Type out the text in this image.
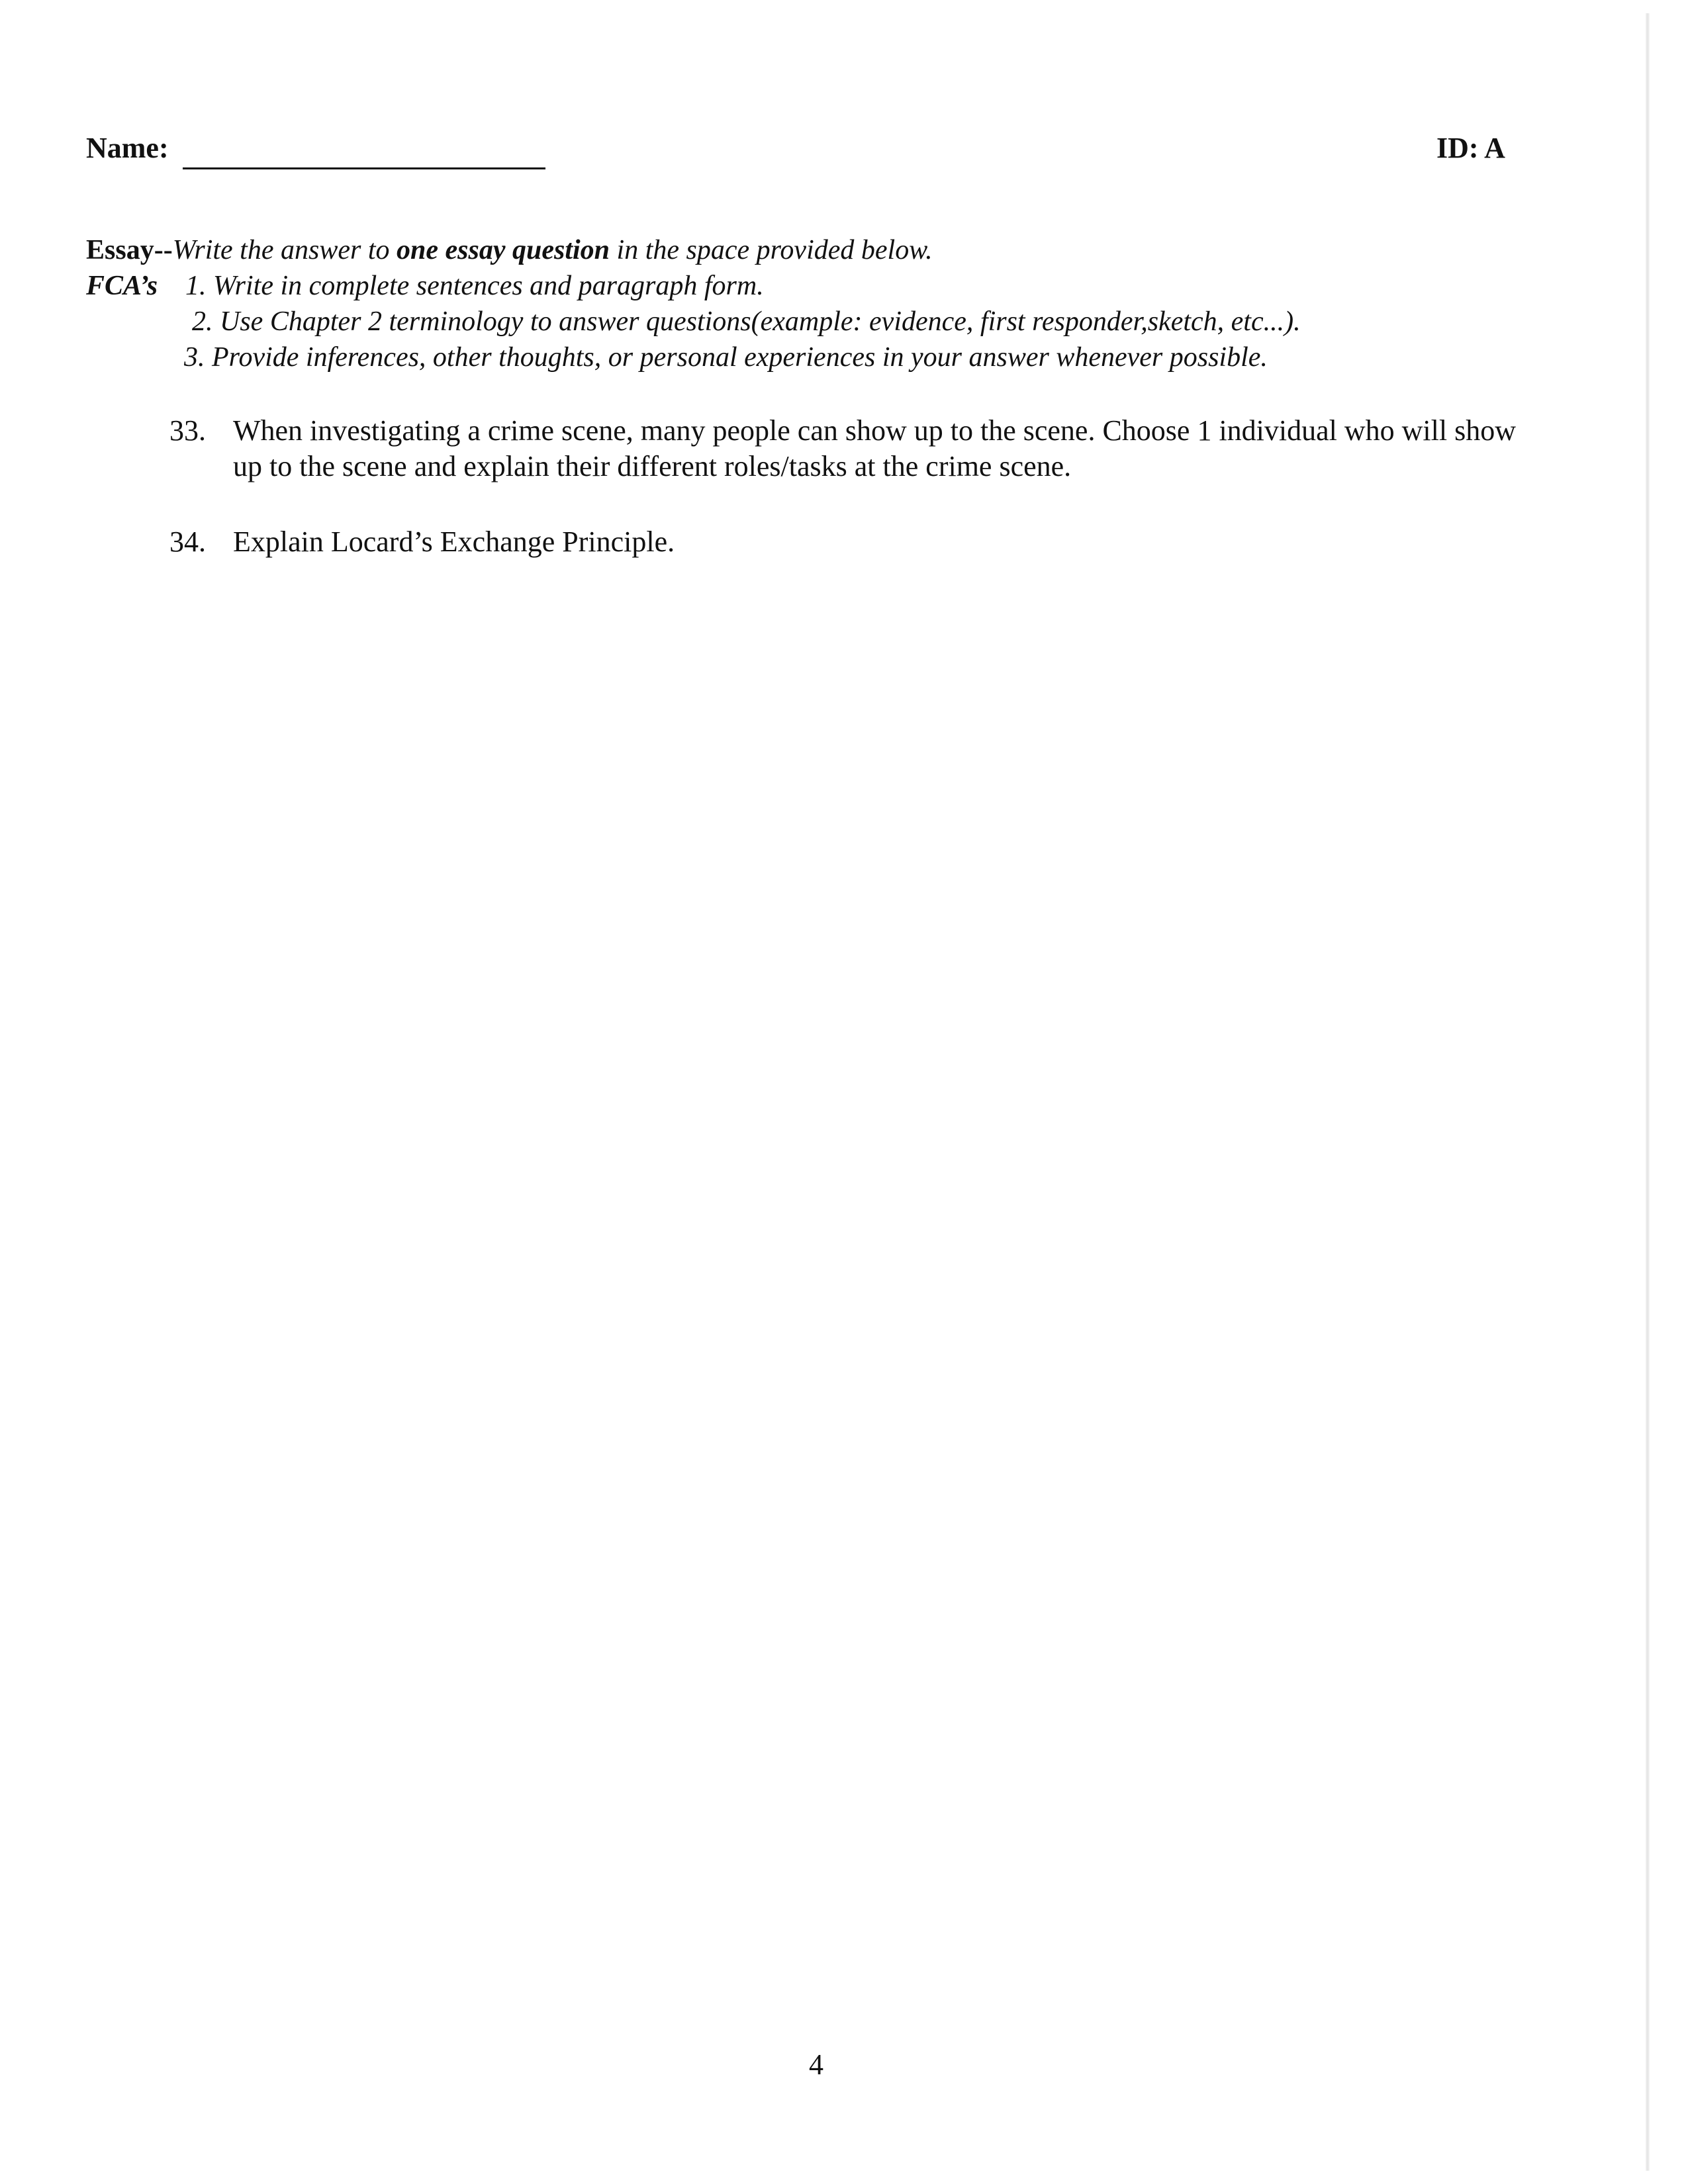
Name:	ID: A
Essay--Write the answer to one essay question in the space provided below.
FCA’s 1. Write in complete sentences and paragraph form.
2. Use Chapter 2 terminology to answer questions(example: evidence, first responder,sketch, etc...).
3. Provide inferences, other thoughts, or personal experiences in your answer whenever possible.
33. When investigating a crime scene, many people can show up to the scene. Choose 1 individual who will show up to the scene and explain their different roles/tasks at the crime scene.
34. Explain Locard’s Exchange Principle.
4
